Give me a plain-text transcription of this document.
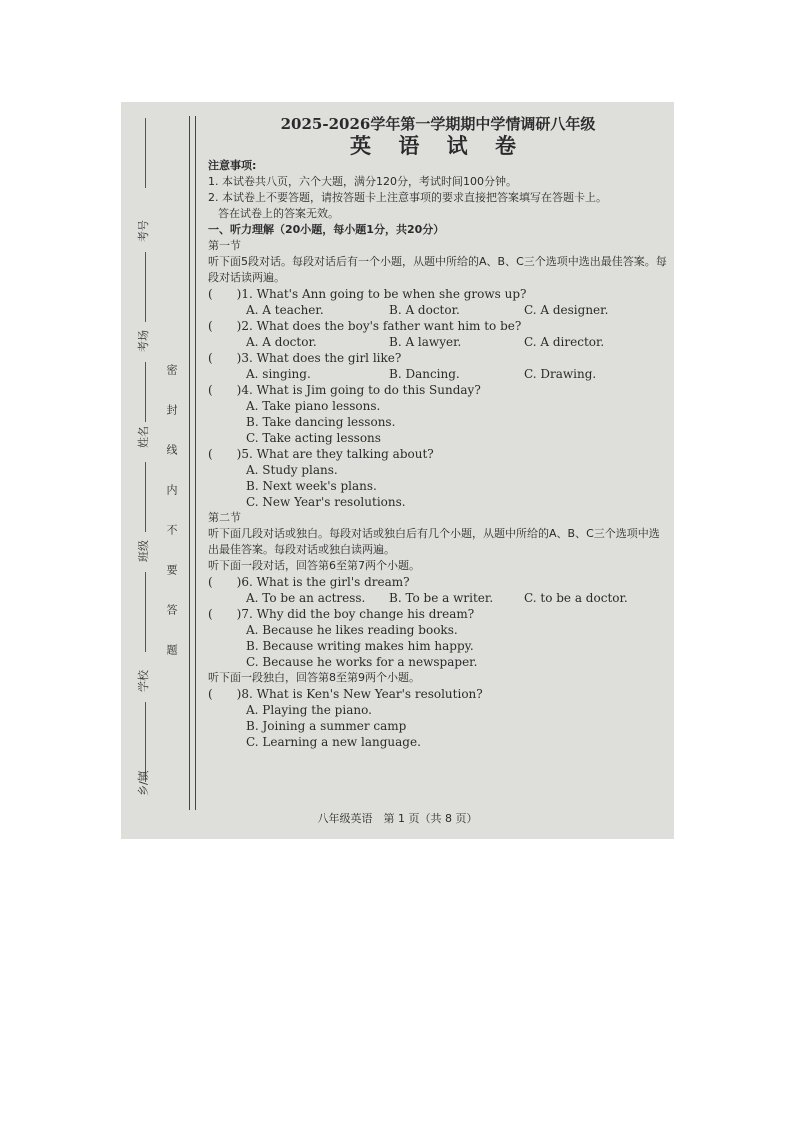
考号
考场
姓名
班级
学校
乡/镇
密 封 线 内 不 要 答 题
2025-2026学年第一学期期中学情调研八年级
英 语 试 卷
注意事项:
1. 本试卷共八页，六个大题，满分120分，考试时间100分钟。
2. 本试卷上不要答题，请按答题卡上注意事项的要求直接把答案填写在答题卡上。
答在试卷上的答案无效。
一、听力理解（20小题，每小题1分，共20分）
第一节
听下面5段对话。每段对话后有一个小题，从题中所给的A、B、C三个选项中选出最佳答案。每段对话读两遍。
(　　)1. What's Ann going to be when she grows up?
A. A teacher.	B. A doctor.	C. A designer.
(　　)2. What does the boy's father want him to be?
A. A doctor.	B. A lawyer.	C. A director.
(　　)3. What does the girl like?
A. singing.	B. Dancing.	C. Drawing.
(　　)4. What is Jim going to do this Sunday?
A. Take piano lessons.
B. Take dancing lessons.
C. Take acting lessons
(　　)5. What are they talking about?
A. Study plans.
B. Next week's plans.
C. New Year's resolutions.
第二节
听下面几段对话或独白。每段对话或独白后有几个小题，从题中所给的A、B、C三个选项中选出最佳答案。每段对话或独白读两遍。
听下面一段对话，回答第6至第7两个小题。
(　　)6. What is the girl's dream?
A. To be an actress.	B. To be a writer.	C. to be a doctor.
(　　)7. Why did the boy change his dream?
A. Because he likes reading books.
B. Because writing makes him happy.
C. Because he works for a newspaper.
听下面一段独白，回答第8至第9两个小题。
(　　)8. What is Ken's New Year's resolution?
A. Playing the piano.
B. Joining a summer camp
C. Learning a new language.
八年级英语　第 1 页（共 8 页）
